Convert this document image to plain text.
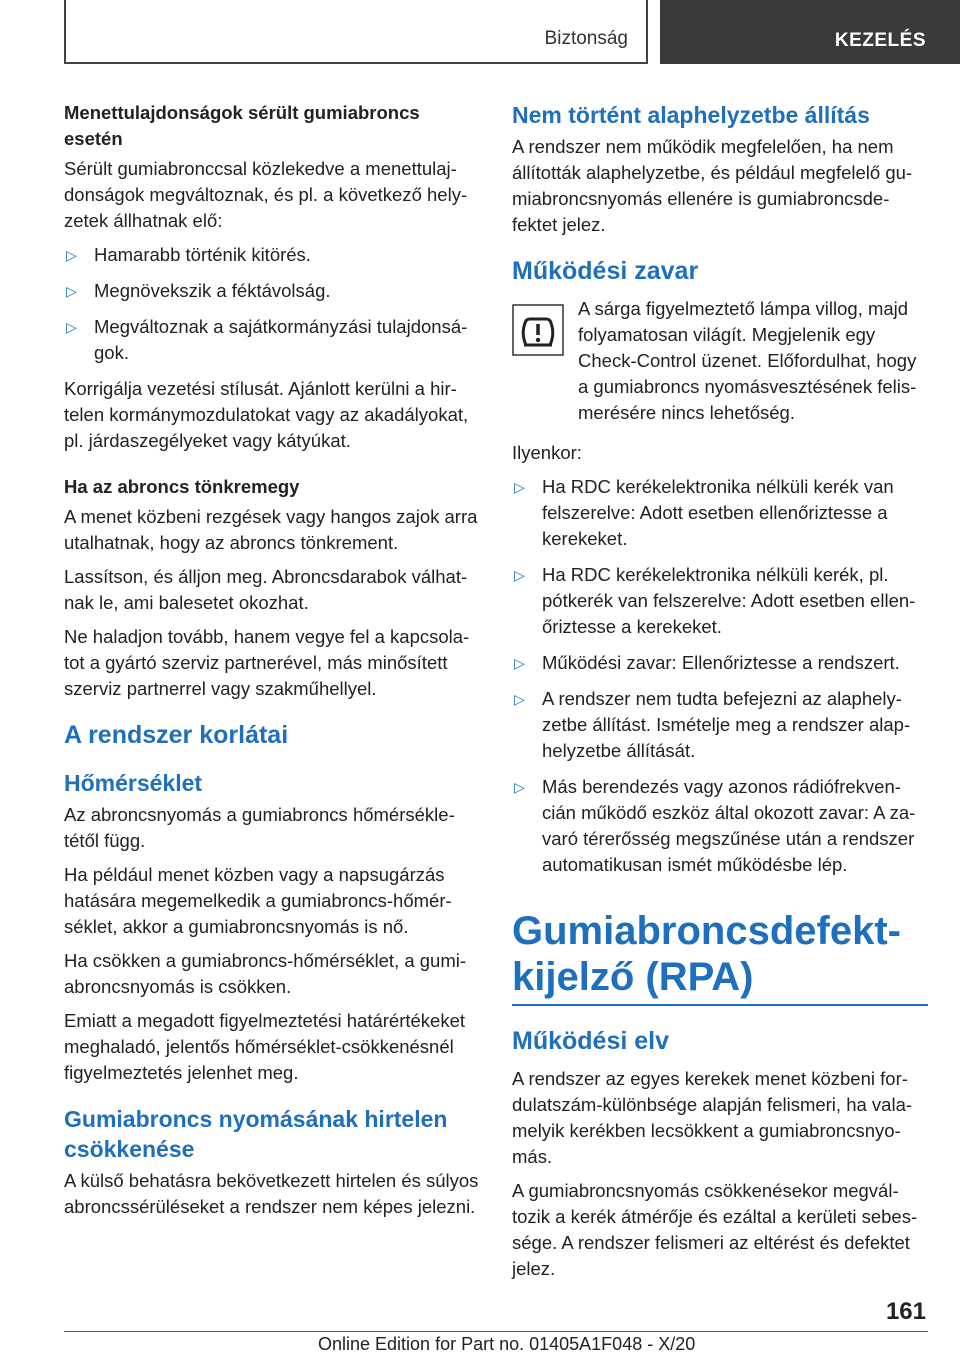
Biztonság	KEZELÉS
Menettulajdonságok sérült gumiabroncs esetén

Sérült gumiabronccsal közlekedve a menettulajdonságok megváltoznak, és pl. a következő helyzetek állhatnak elő:

▷ Hamarabb történik kitörés.
▷ Megnövekszik a féktávolság.
▷ Megváltoznak a sajátkormányzási tulajdonságok.

Korrigálja vezetési stílusát. Ajánlott kerülni a hirtelen kormánymozdulatokat vagy az akadályokat, pl. járdaszegélyeket vagy kátyúkat.

Ha az abroncs tönkremegy

A menet közbeni rezgések vagy hangos zajok arra utalhatnak, hogy az abroncs tönkrement.

Lassítson, és álljon meg. Abroncsdarabok válhatnak le, ami balesetet okozhat.

Ne haladjon tovább, hanem vegye fel a kapcsolatot a gyártó szerviz partnerével, más minősített szerviz partnerrel vagy szakműhellyel.

A rendszer korlátai
Hőmérséklet

Az abroncsnyomás a gumiabroncs hőmérsékletétől függ.

Ha például menet közben vagy a napsugárzás hatására megemelkedik a gumiabroncs-hőmérséklet, akkor a gumiabroncsnyomás is nő.

Ha csökken a gumiabroncs-hőmérséklet, a gumiabroncsnyomás is csökken.

Emiatt a megadott figyelmeztetési határértékeket meghaladó, jelentős hőmérséklet-csökkenésnél figyelmeztetés jelenhet meg.

Gumiabroncs nyomásának hirtelen csökkenése

A külső behatásra bekövetkezett hirtelen és súlyos abroncssérüléseket a rendszer nem képes jelezni.

Nem történt alaphelyzetbe állítás

A rendszer nem működik megfelelően, ha nem állították alaphelyzetbe, és például megfelelő gumiabroncsnyomás ellenére is gumiabroncsdefektet jelez.

Működési zavar

A sárga figyelmeztető lámpa villog, majd folyamatosan világít. Megjelenik egy Check-Control üzenet. Előfordulhat, hogy a gumiabroncs nyomásvesztésének felismerésére nincs lehetőség.

Ilyenkor:

▷ Ha RDC kerékelektronika nélküli kerék van felszerelve: Adott esetben ellenőriztesse a kerekeket.
▷ Ha RDC kerékelektronika nélküli kerék, pl. pótkerék van felszerelve: Adott esetben ellenőriztesse a kerekeket.
▷ Működési zavar: Ellenőriztesse a rendszert.
▷ A rendszer nem tudta befejezni az alaphelyzetbe állítást. Ismételje meg a rendszer alaphelyzetbe állítását.
▷ Más berendezés vagy azonos rádiófrekvencián működő eszköz által okozott zavar: A zavaró térerősség megszűnése után a rendszer automatikusan ismét működésbe lép.
Gumiabroncsdefekt-kijelző (RPA)
Működési elv

A rendszer az egyes kerekek menet közbeni fordulatszám-különbsége alapján felismeri, ha valamelyik kerékben lecsökkent a gumiabroncsnyomás.

A gumiabroncsnyomás csökkenésekor megváltozik a kerék átmérője és ezáltal a kerületi sebessége. A rendszer felismeri az eltérést és defektet jelez.

161
Online Edition for Part no. 01405A1F048 - X/20
